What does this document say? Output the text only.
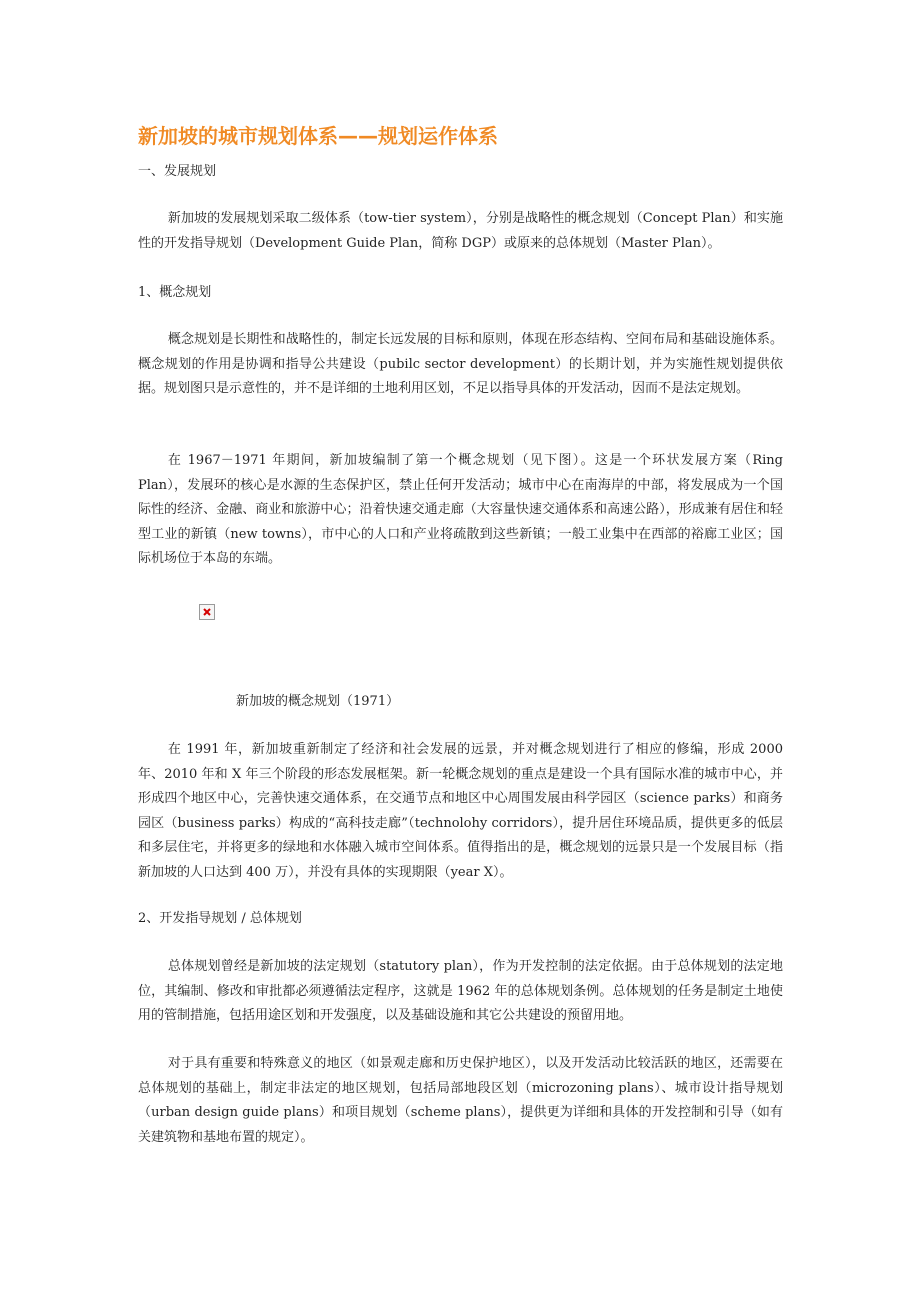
新加坡的城市规划体系——规划运作体系
一、发展规划
新加坡的发展规划采取二级体系（tow-tier system），分别是战略性的概念规划（Concept Plan）和实施性的开发指导规划（Development Guide Plan，简称 DGP）或原来的总体规划（Master Plan）。
1、概念规划
概念规划是长期性和战略性的，制定长远发展的目标和原则，体现在形态结构、空间布局和基础设施体系。概念规划的作用是协调和指导公共建设（pubilc sector development）的长期计划，并为实施性规划提供依据。规划图只是示意性的，并不是详细的土地利用区划，不足以指导具体的开发活动，因而不是法定规划。
在 1967－1971 年期间，新加坡编制了第一个概念规划（见下图）。这是一个环状发展方案（Ring Plan），发展环的核心是水源的生态保护区，禁止任何开发活动；城市中心在南海岸的中部，将发展成为一个国际性的经济、金融、商业和旅游中心；沿着快速交通走廊（大容量快速交通体系和高速公路），形成兼有居住和轻型工业的新镇（new towns），市中心的人口和产业将疏散到这些新镇；一般工业集中在西部的裕廊工业区；国际机场位于本岛的东端。
新加坡的概念规划（1971）
在 1991 年，新加坡重新制定了经济和社会发展的远景，并对概念规划进行了相应的修编，形成 2000 年、2010 年和 X 年三个阶段的形态发展框架。新一轮概念规划的重点是建设一个具有国际水准的城市中心，并形成四个地区中心，完善快速交通体系，在交通节点和地区中心周围发展由科学园区（science parks）和商务园区（business parks）构成的“高科技走廊”（technolohy corridors），提升居住环境品质，提供更多的低层和多层住宅，并将更多的绿地和水体融入城市空间体系。值得指出的是，概念规划的远景只是一个发展目标（指新加坡的人口达到 400 万），并没有具体的实现期限（year X）。
2、开发指导规划 / 总体规划
总体规划曾经是新加坡的法定规划（statutory plan），作为开发控制的法定依据。由于总体规划的法定地位，其编制、修改和审批都必须遵循法定程序，这就是 1962 年的总体规划条例。总体规划的任务是制定土地使用的管制措施，包括用途区划和开发强度，以及基础设施和其它公共建设的预留用地。
对于具有重要和特殊意义的地区（如景观走廊和历史保护地区），以及开发活动比较活跃的地区，还需要在总体规划的基础上，制定非法定的地区规划，包括局部地段区划（microzoning plans）、城市设计指导规划（urban design guide plans）和项目规划（scheme plans），提供更为详细和具体的开发控制和引导（如有关建筑物和基地布置的规定）。
